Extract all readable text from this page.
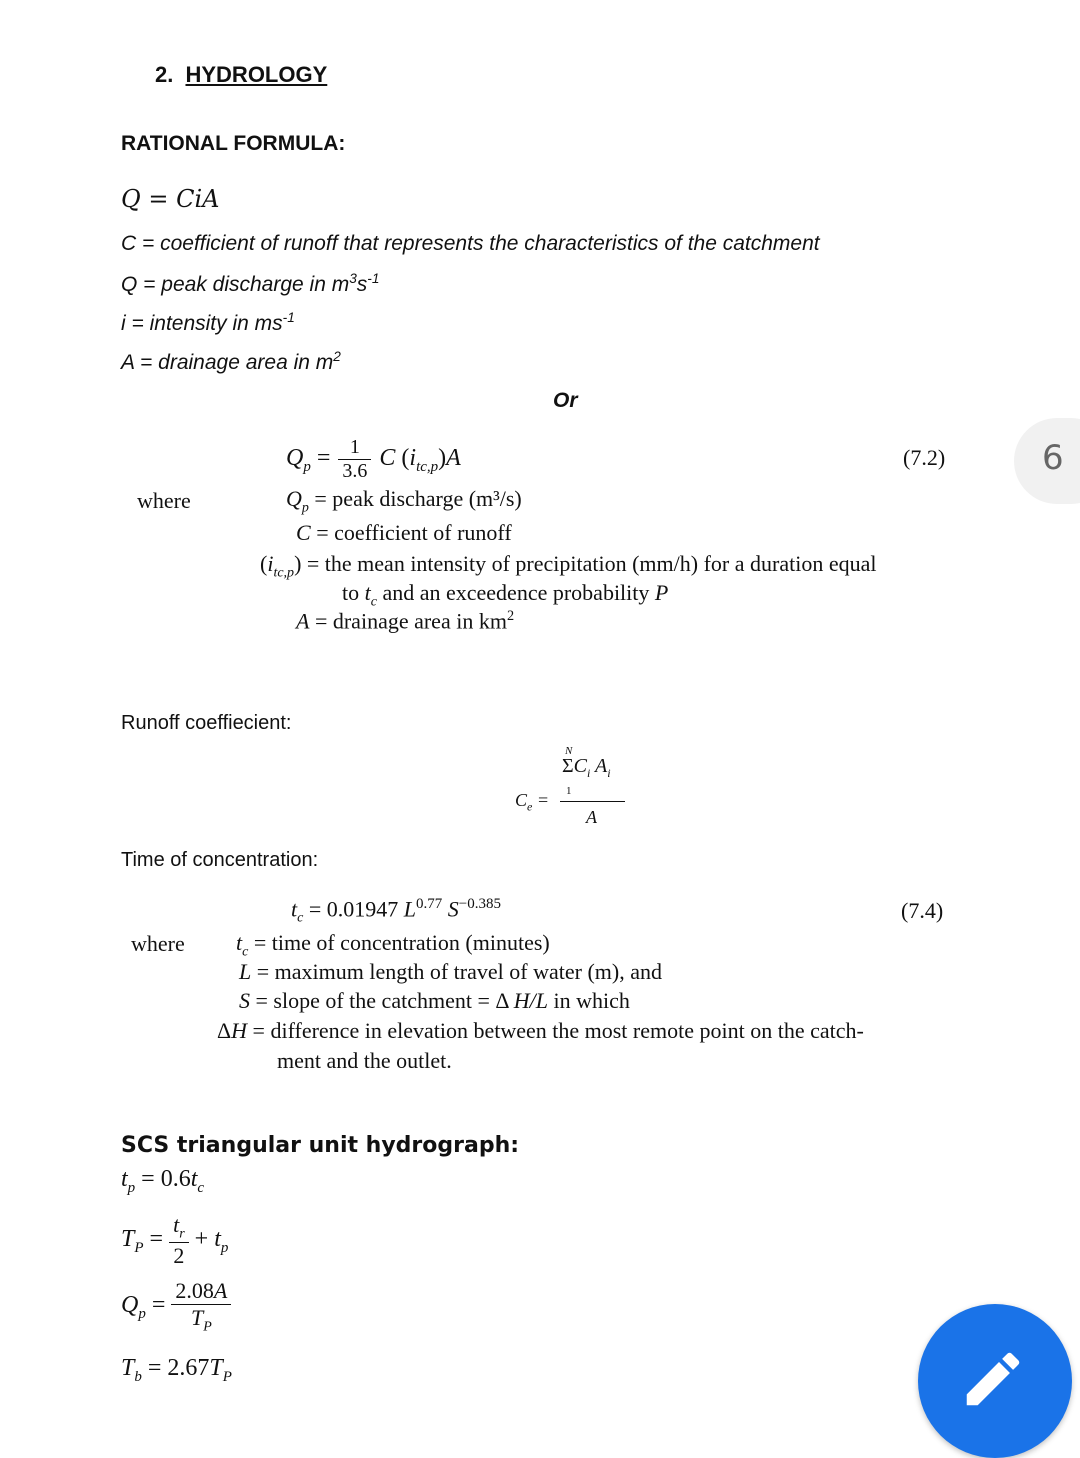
2. HYDROLOGY
RATIONAL FORMULA:
Q = CiA
C = coefficient of runoff that represents the characteristics of the catchment
Q = peak discharge in $m^3s^{-1}$
i = intensity in $ms^{-1}$
A = drainage area in $m^2$
Or
$Q_p = \frac{1}{3.6}$ C $(i_{tc,p})A$	(7.2)
where	$Q_p$ = peak discharge (m³/s)
C = coefficient of runoff
$(i_{tc,p})$ = the mean intensity of precipitation (mm/h) for a duration equal
to $t_c$ and an exceedence probability P
A = drainage area in $km^2$
Runoff coeffiecient:
$C_e$ =
N
$\Sigma C_i$ $A_i$
1
A
Time of concentration:
$t_c = 0.01947$ $L^{0.77}$ $S^{-0.385}$	(7.4)
where $t_c$ = time of concentration (minutes)
L = maximum length of travel of water (m), and
S = slope of the catchment = Δ H/L in which
ΔH = difference in elevation between the most remote point on the catch-
ment and the outlet.
SCS triangular unit hydrograph:
$t_p = 0.6t_c$
$T_P = \frac{t_r}{2} + t_p$
$Q_p = \frac{2.08A}{T_P}$
$T_b = 2.67T_P$
6
